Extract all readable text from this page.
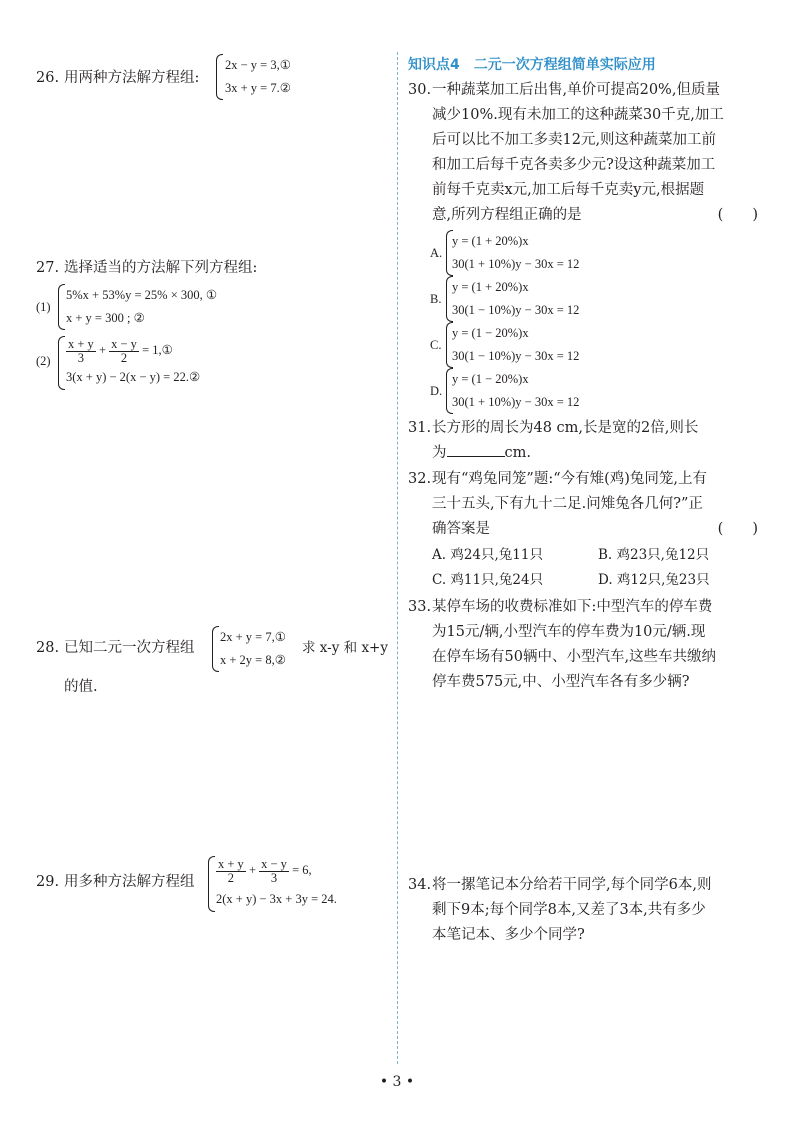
26. 用两种方法解方程组:
2x − y = 3,①
3x + y = 7.②
27. 选择适当的方法解下列方程组:
(1)
5%x + 53%y = 25% × 300, ①
x + y = 300 ; ②
$(2) \frac{x + y}{3} + \frac{x - y}{2}$ = 1,①
3(x + y) − 2(x − y) = 22.②
28. 已知二元一次方程组
2x + y = 7,①
x + 2y = 8,②
求 x-y 和 x+y
的值.
29. 用多种方法解方程组 $\frac{x + y}{2} + \frac{x - y}{3} = 6$,
2(x + y) − 3x + 3y = 24.
知识点4　二元一次方程组简单实际应用
30. 一种蔬菜加工后出售,单价可提高20%,但质量
减少10%.现有未加工的这种蔬菜30千克,加工
后可以比不加工多卖12元,则这种蔬菜加工前
和加工后每千克各卖多少元?设这种蔬菜加工
前每千克卖x元,加工后每千克卖y元,根据题
意,所列方程组正确的是	(　　)
A.
y = (1 + 20%)x
30(1 + 10%)y − 30x = 12
B.
y = (1 + 20%)x
30(1 − 10%)y − 30x = 12
C.
y = (1 − 20%)x
30(1 − 10%)y − 30x = 12
D.
y = (1 − 20%)x
30(1 + 10%)y − 30x = 12
31. 长方形的周长为48 cm,长是宽的2倍,则长
为	cm.
32. 现有“鸡兔同笼”题:“今有雉(鸡)兔同笼,上有
三十五头,下有九十二足.问雉兔各几何?”正
确答案是	(　　)
A. 鸡24只,兔11只	B. 鸡23只,兔12只
C. 鸡11只,兔24只	D. 鸡12只,兔23只
33. 某停车场的收费标准如下:中型汽车的停车费
为15元/辆,小型汽车的停车费为10元/辆.现
在停车场有50辆中、小型汽车,这些车共缴纳
停车费575元,中、小型汽车各有多少辆?
34. 将一摞笔记本分给若干同学,每个同学6本,则
剩下9本;每个同学8本,又差了3本,共有多少
本笔记本、多少个同学?
• 3 •
